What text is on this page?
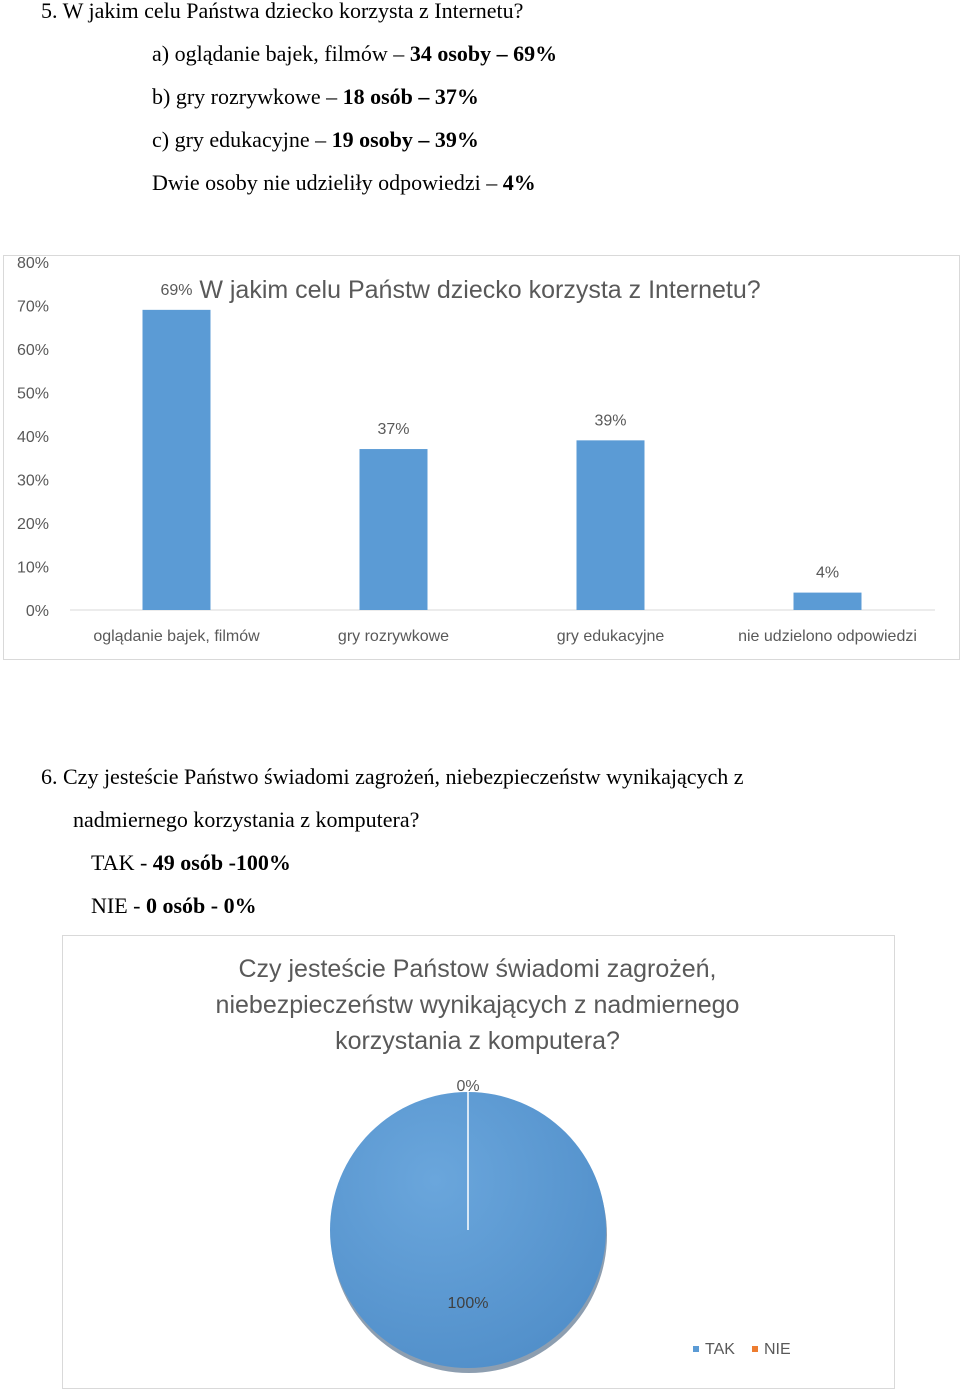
5. W jakim celu Państwa dziecko korzysta z Internetu?
a) oglądanie bajek, filmów – 34 osoby – 69%
b) gry rozrywkowe – 18 osób – 37%
c) gry edukacyjne – 19 osoby – 39%
Dwie osoby nie udzieliły odpowiedzi – 4%
W jakim celu Państw dziecko korzysta z Internetu?
0%
10%
20%
30%
40%
50%
60%
70%
80%
69%
oglądanie bajek, filmów
37%
gry rozrywkowe
39%
gry edukacyjne
4%
nie udzielono odpowiedzi
6. Czy jesteście Państwo świadomi zagrożeń, niebezpieczeństw wynikających z
nadmiernego korzystania z komputera?
TAK - 49 osób -100%
NIE - 0 osób - 0%
Czy jesteście Państow świadomi zagrożeń,
niebezpieczeństw wynikających z nadmiernego
korzystania z komputera?
100%
0%
TAK NIE
